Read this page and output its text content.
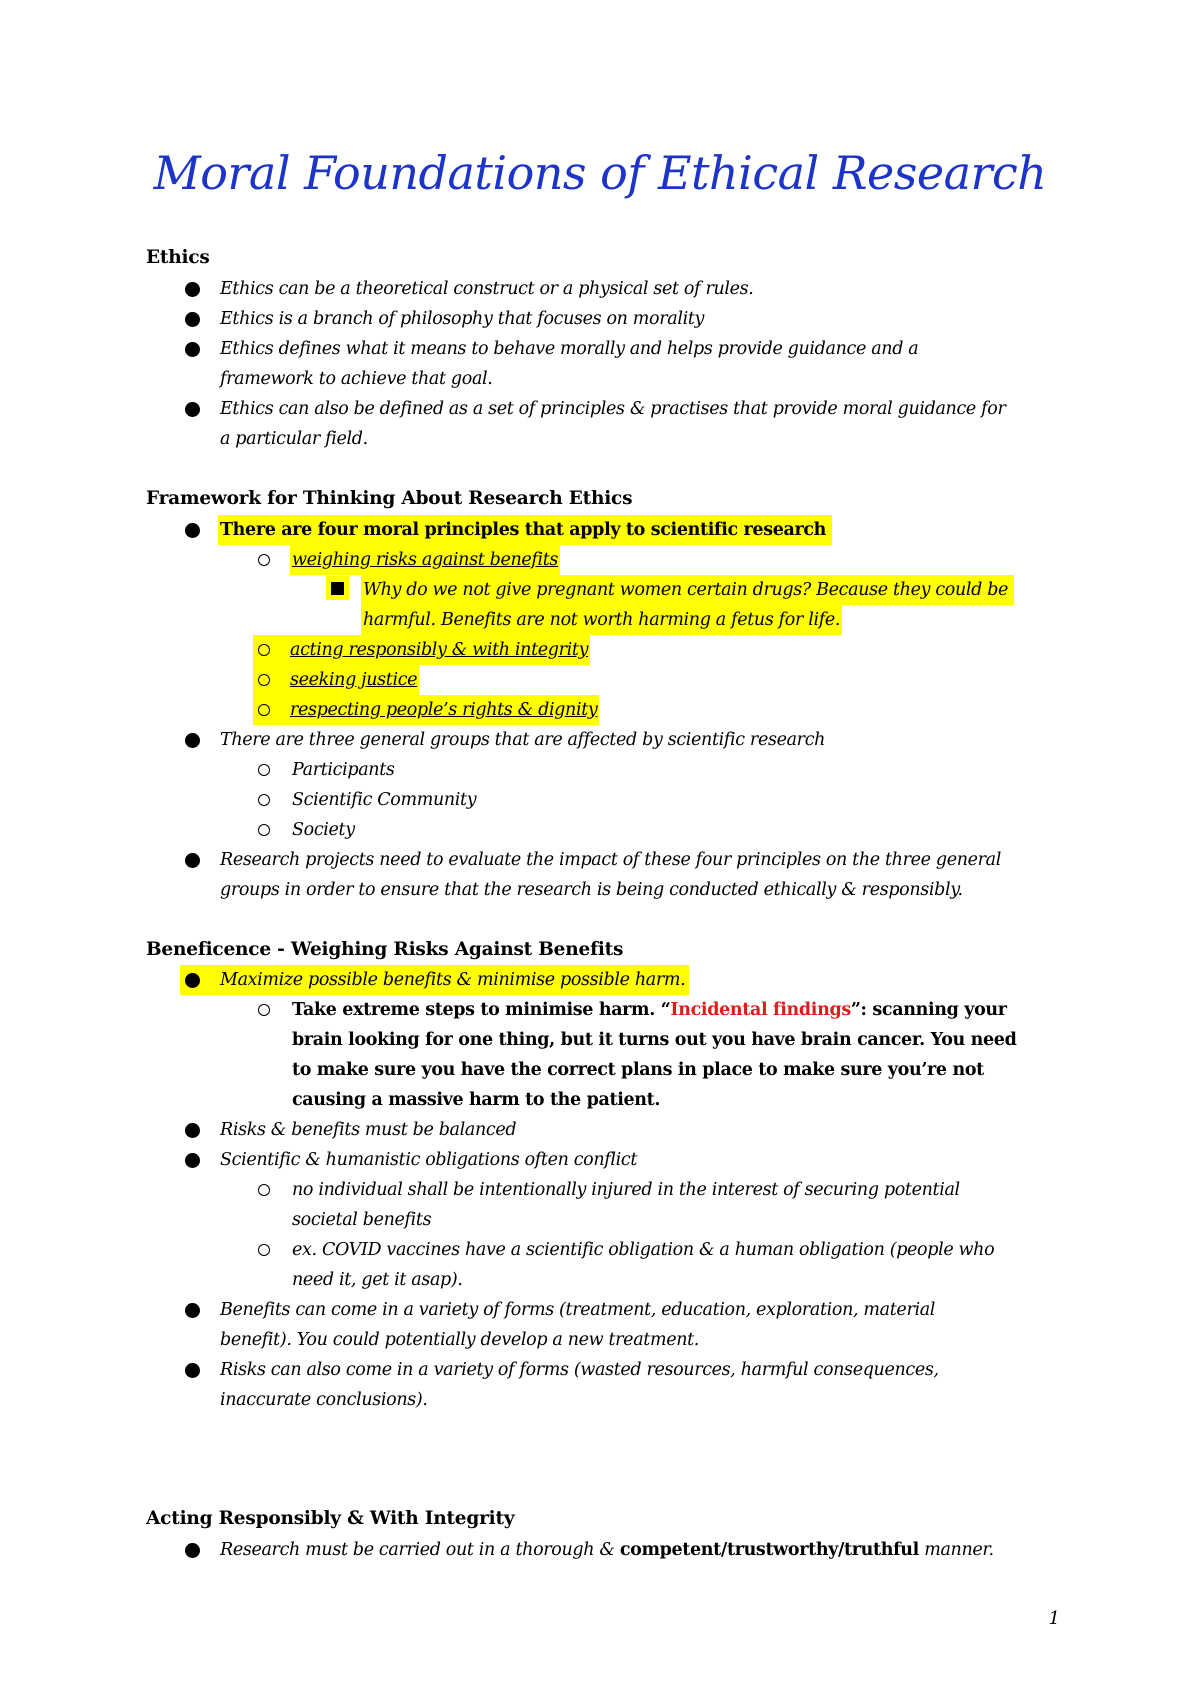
Moral Foundations of Ethical Research
Ethics
Ethics can be a theoretical construct or a physical set of rules.
Ethics is a branch of philosophy that focuses on morality
Ethics defines what it means to behave morally and helps provide guidance and a
framework to achieve that goal.
Ethics can also be defined as a set of principles & practises that provide moral guidance for
a particular field.
Framework for Thinking About Research Ethics
There are four moral principles that apply to scientific research
weighing risks against benefits
Why do we not give pregnant women certain drugs? Because they could be
harmful. Benefits are not worth harming a fetus for life.
acting responsibly & with integrity
seeking justice
respecting people’s rights & dignity
There are three general groups that are affected by scientific research
Participants
Scientific Community
Society
Research projects need to evaluate the impact of these four principles on the three general
groups in order to ensure that the research is being conducted ethically & responsibly.
Beneficence - Weighing Risks Against Benefits
Maximize possible benefits & minimise possible harm.
Take extreme steps to minimise harm. “Incidental findings”: scanning your
brain looking for one thing, but it turns out you have brain cancer. You need
to make sure you have the correct plans in place to make sure you’re not
causing a massive harm to the patient.
Risks & benefits must be balanced
Scientific & humanistic obligations often conflict
no individual shall be intentionally injured in the interest of securing potential
societal benefits
ex. COVID vaccines have a scientific obligation & a human obligation (people who
need it, get it asap).
Benefits can come in a variety of forms (treatment, education, exploration, material
benefit). You could potentially develop a new treatment.
Risks can also come in a variety of forms (wasted resources, harmful consequences,
inaccurate conclusions).
Acting Responsibly & With Integrity
Research must be carried out in a thorough & competent/trustworthy/truthful manner.
1
